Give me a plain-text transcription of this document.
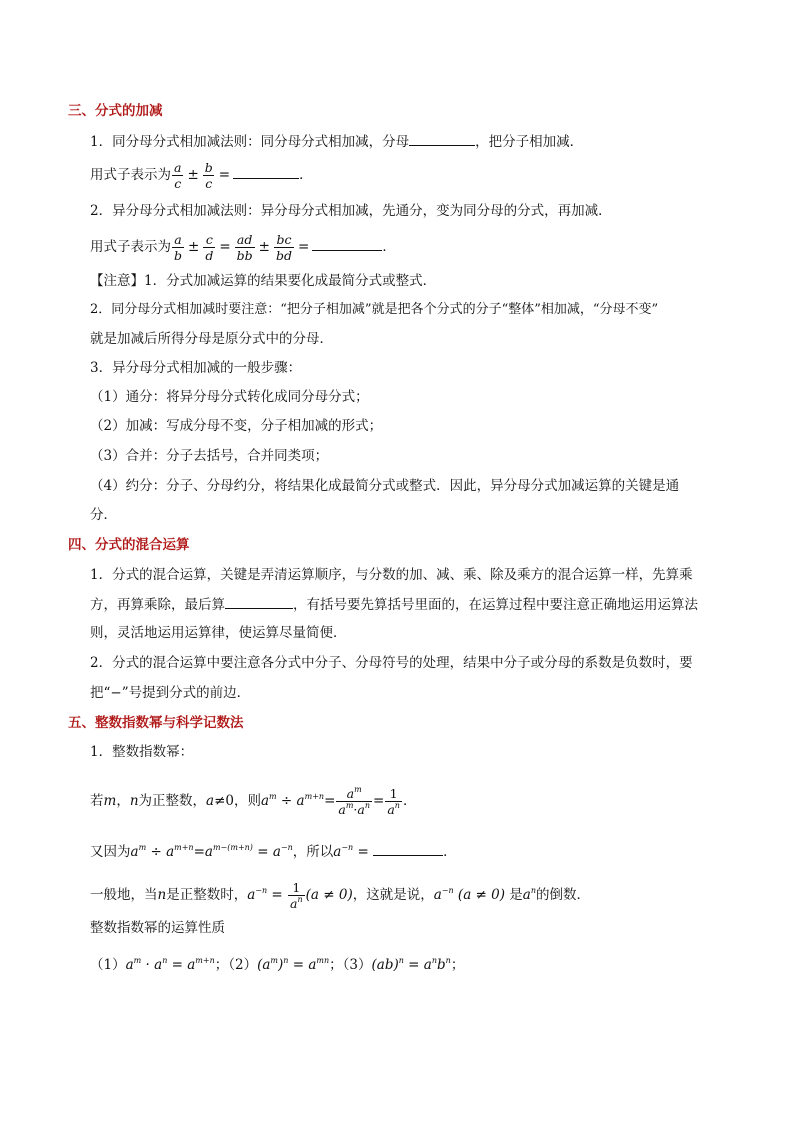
三、分式的加减
1．同分母分式相加减法则：同分母分式相加减，分母	，把分子相加减．
用式子表示为 $\frac{a}{c} \pm \frac{b}{c}$ =	．
2．异分母分式相加减法则：异分母分式相加减，先通分，变为同分母的分式，再加减．
用式子表示为 $\frac{a}{b} \pm \frac{c}{d} = \frac{ad}{bb} \pm \frac{bc}{bd}$ =	．
【注意】1．分式加减运算的结果要化成最简分式或整式．
2．同分母分式相加减时要注意：“把分子相加减”就是把各个分式的分子“整体”相加减，“分母不变”
就是加减后所得分母是原分式中的分母．
3．异分母分式相加减的一般步骤：
（1）通分：将异分母分式转化成同分母分式；
（2）加减：写成分母不变，分子相加减的形式；
（3）合并：分子去括号，合并同类项；
（4）约分：分子、分母约分，将结果化成最简分式或整式．因此，异分母分式加减运算的关键是通
分．
四、分式的混合运算
1．分式的混合运算，关键是弄清运算顺序，与分数的加、减、乘、除及乘方的混合运算一样，先算乘
方，再算乘除，最后算	，有括号要先算括号里面的，在运算过程中要注意正确地运用运算法
则，灵活地运用运算律，使运算尽量简便．
2．分式的混合运算中要注意各分式中分子、分母符号的处理，结果中分子或分母的系数是负数时，要
把“−”号提到分式的前边．
五、整数指数幂与科学记数法
1．整数指数幂：
若m，n为正整数，a≠0，则$a^m \div a^{m+n}= \frac{a^m}{a^m\cdot a^n} = \frac{1}{a^n}$ ．
又因为$a^m \div a^{m+n}=a^{m-(m+n)} = a^{-n}$，所以$a^{-n}$ =	．
一般地，当n是正整数时，$a^{-n} = \frac{1}{a^n} (a \ne 0)$，这就是说，$a^{-n}$ (a ≠ 0) 是$a^n$的倒数．
整数指数幂的运算性质
$(1)a^m \cdot a^n = a^{m+n}$；$(2)(a^m)^n = a^{mn}$；$(3)(ab)^n = a^nb^n$；
